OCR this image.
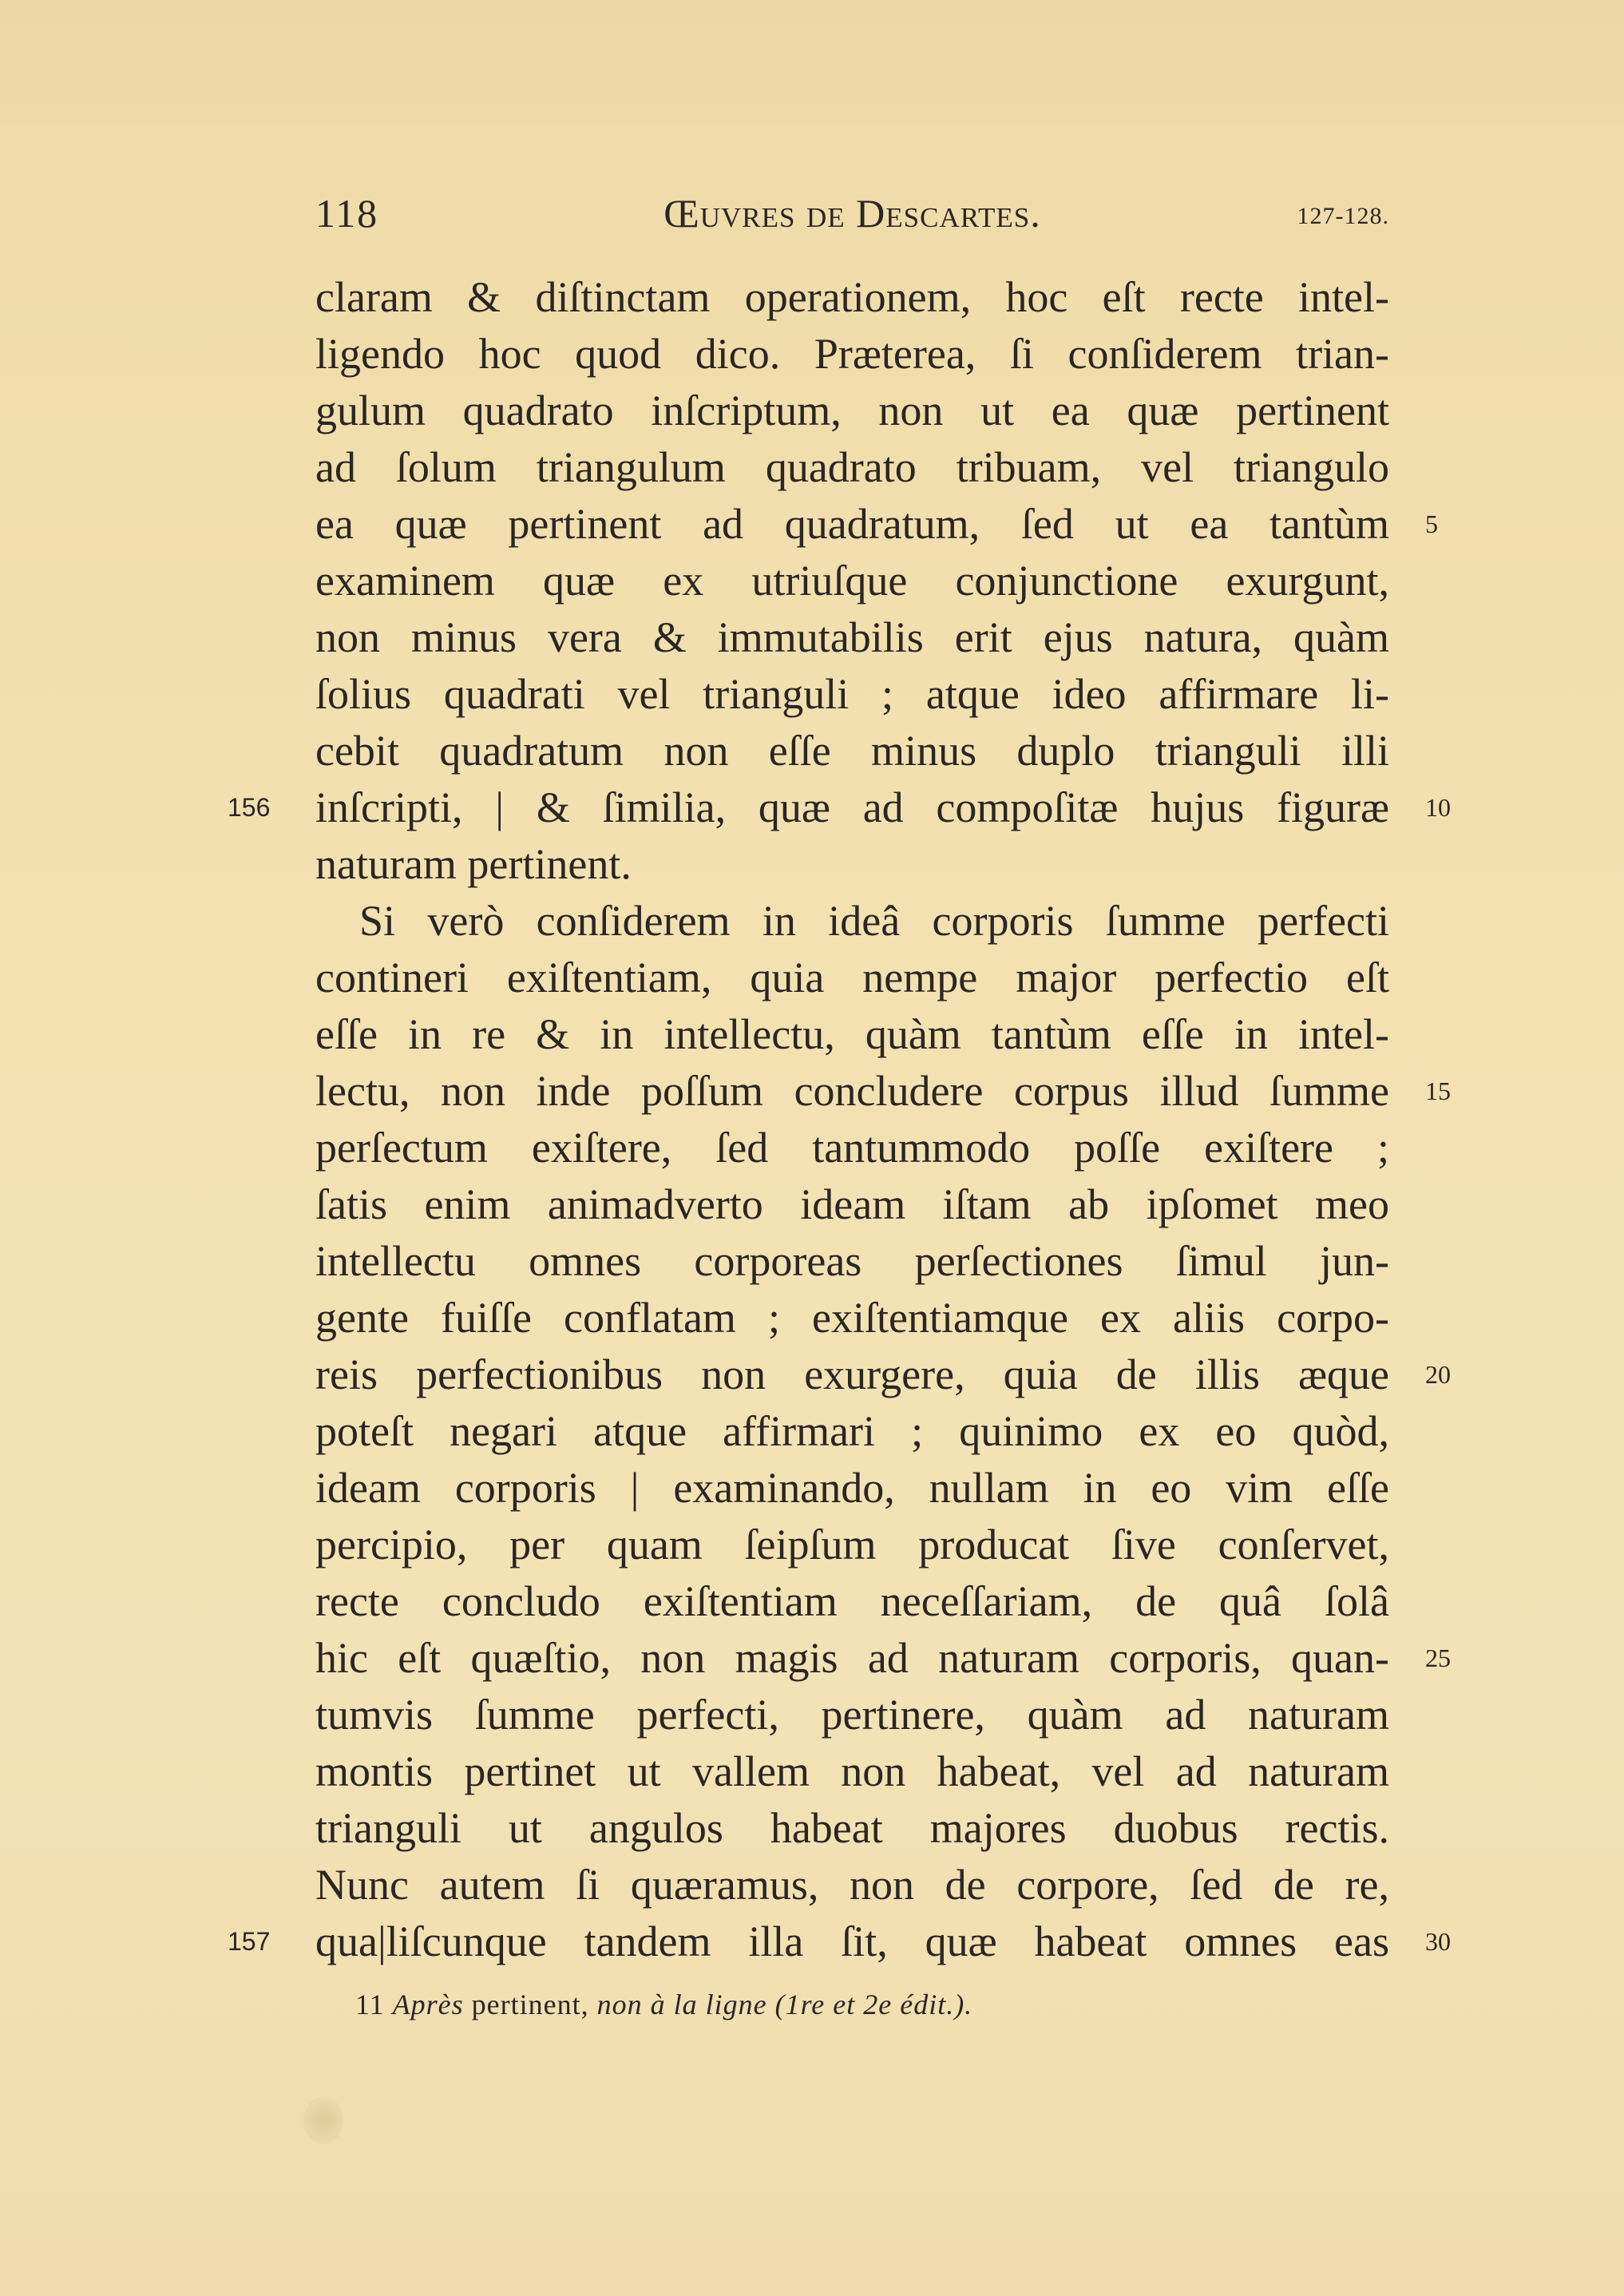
118	Œuvres de Descartes.	127-128.
claram & diſtinctam operationem, hoc eſt recte intel-
ligendo hoc quod dico. Præterea, ſi conſiderem trian-
gulum quadrato inſcriptum, non ut ea quæ pertinent
ad ſolum triangulum quadrato tribuam, vel triangulo
ea quæ pertinent ad quadratum, ſed ut ea tantùm 5
examinem quæ ex utriuſque conjunctione exurgunt,
non minus vera & immutabilis erit ejus natura, quàm
ſolius quadrati vel trianguli ; atque ideo affirmare li-
cebit quadratum non eſſe minus duplo trianguli illi
inſcripti, | & ſimilia, quæ ad compoſitæ hujus figuræ
156	10
naturam pertinent.
Si verò conſiderem in ideâ corporis ſumme perfecti
contineri exiſtentiam, quia nempe major perfectio eſt
eſſe in re & in intellectu, quàm tantùm eſſe in intel-
lectu, non inde poſſum concludere corpus illud ſumme 15
perſectum exiſtere, ſed tantummodo poſſe exiſtere ;
ſatis enim animadverto ideam iſtam ab ipſomet meo
intellectu omnes corporeas perſectiones ſimul jun-
gente fuiſſe conflatam ; exiſtentiamque ex aliis corpo-
reis perfectionibus non exurgere, quia de illis æque 20
poteſt negari atque affirmari ; quinimo ex eo quòd,
ideam corporis | examinando, nullam in eo vim eſſe
percipio, per quam ſeipſum producat ſive conſervet,
recte concludo exiſtentiam neceſſariam, de quâ ſolâ
hic eſt quæſtio, non magis ad naturam corporis, quan- 25
tumvis ſumme perfecti, pertinere, quàm ad naturam
montis pertinet ut vallem non habeat, vel ad naturam
trianguli ut angulos habeat majores duobus rectis.
Nunc autem ſi quæramus, non de corpore, ſed de re,
qua|liſcunque tandem illa ſit, quæ habeat omnes eas
157	30
11 Après pertinent, non à la ligne (1re et 2e édit.).
